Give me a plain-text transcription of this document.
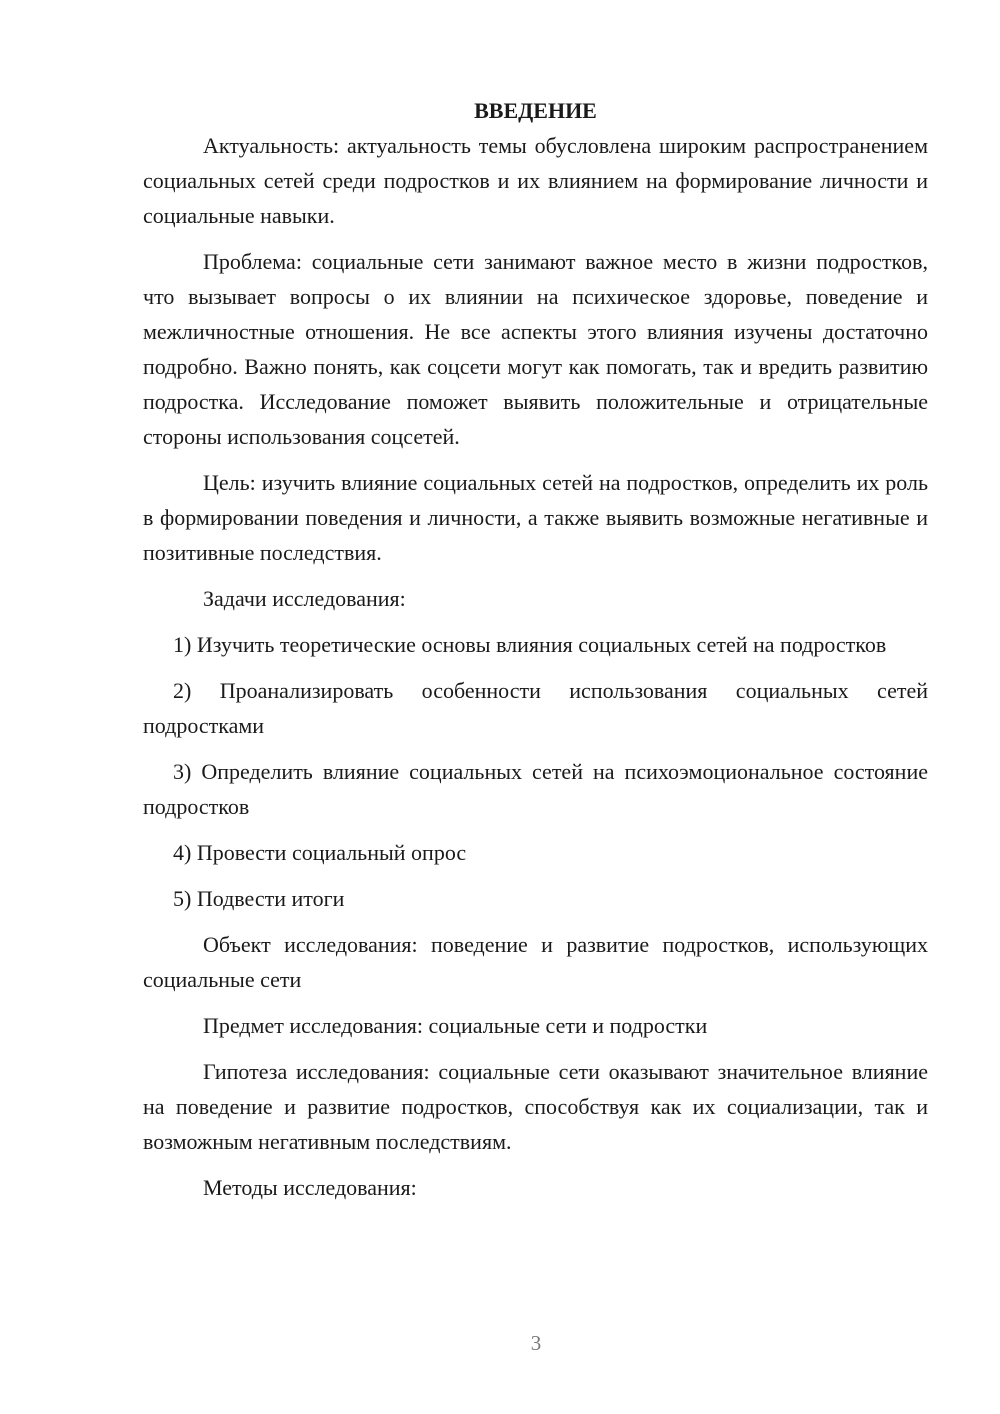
ВВЕДЕНИЕ

Актуальность: актуальность темы обусловлена широким распространением социальных сетей среди подростков и их влиянием на формирование личности и социальные навыки.

Проблема: социальные сети занимают важное место в жизни подростков, что вызывает вопросы о их влиянии на психическое здоровье, поведение и межличностные отношения. Не все аспекты этого влияния изучены достаточно подробно. Важно понять, как соцсети могут как помогать, так и вредить развитию подростка. Исследование поможет выявить положительные и отрицательные стороны использования соцсетей.

Цель: изучить влияние социальных сетей на подростков, определить их роль в формировании поведения и личности, а также выявить возможные негативные и позитивные последствия.

Задачи исследования:

1) Изучить теоретические основы влияния социальных сетей на подростков

2) Проанализировать особенности использования социальных сетей подростками

3) Определить влияние социальных сетей на психоэмоциональное состояние подростков

4) Провести социальный опрос

5) Подвести итоги

Объект исследования: поведение и развитие подростков, использующих социальные сети

Предмет исследования: социальные сети и подростки

Гипотеза исследования: социальные сети оказывают значительное влияние на поведение и развитие подростков, способствуя как их социализации, так и возможным негативным последствиям.

Методы исследования:

3
